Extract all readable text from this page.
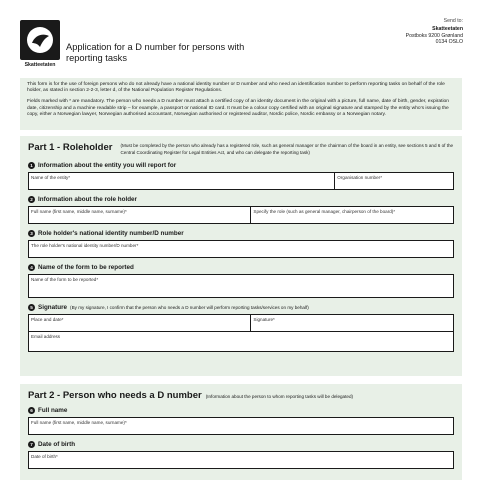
Skatteetaten
Application for a D number for persons with reporting tasks
Send to:
Skatteetaten
Postboks 9200 Grønland
0134 OSLO

This form is for the use of foreign persons who do not already have a national identity number or D number and who need an identification number to perform reporting tasks on behalf of the role holder, as stated in section 2-2-3, letter d, of the National Population Register Regulations.

Fields marked with * are mandatory. The person who needs a D number must attach a certified copy of an identity document in the original with a picture, full name, date of birth, gender, expiration date, citizenship and a machine readable strip – for example, a passport or national ID card. It must be a colour copy certified with an original signature and stamped by the entity who's issuing the copy, either a Norwegian lawyer, Norwegian authorised accountant, Norwegian authorised or registered auditor, Nordic police, Nordic embassy or a Norwegian notary.

Part 1 - Roleholder (Must be completed by the person who already has a registered role, such as general manager or the chairman of the board in an entity, see sections 5 and 6 of the Central Coordinating Register for Legal Entities Act, and who can delegate the reporting task)
1 Information about the entity you will report for
Name of the entity*	Organisation number*
2 Information about the role holder
Full name (first name, middle name, surname)*	Specify the role (such as general manager, chairperson of the board)*
3 Role holder's national identity number/D number
The role holder's national identity number/D number*
4 Name of the form to be reported
Name of the form to be reported*
5 Signature (By my signature, I confirm that the person who needs a D number will perform reporting tasks/services on my behalf)
Place and date*	Signature*
Email address
Part 2 - Person who needs a D number (Information about the person to whom reporting tasks will be delegated)
6 Full name
Full name (first name, middle name, surname)*
7 Date of birth
Date of birth*
